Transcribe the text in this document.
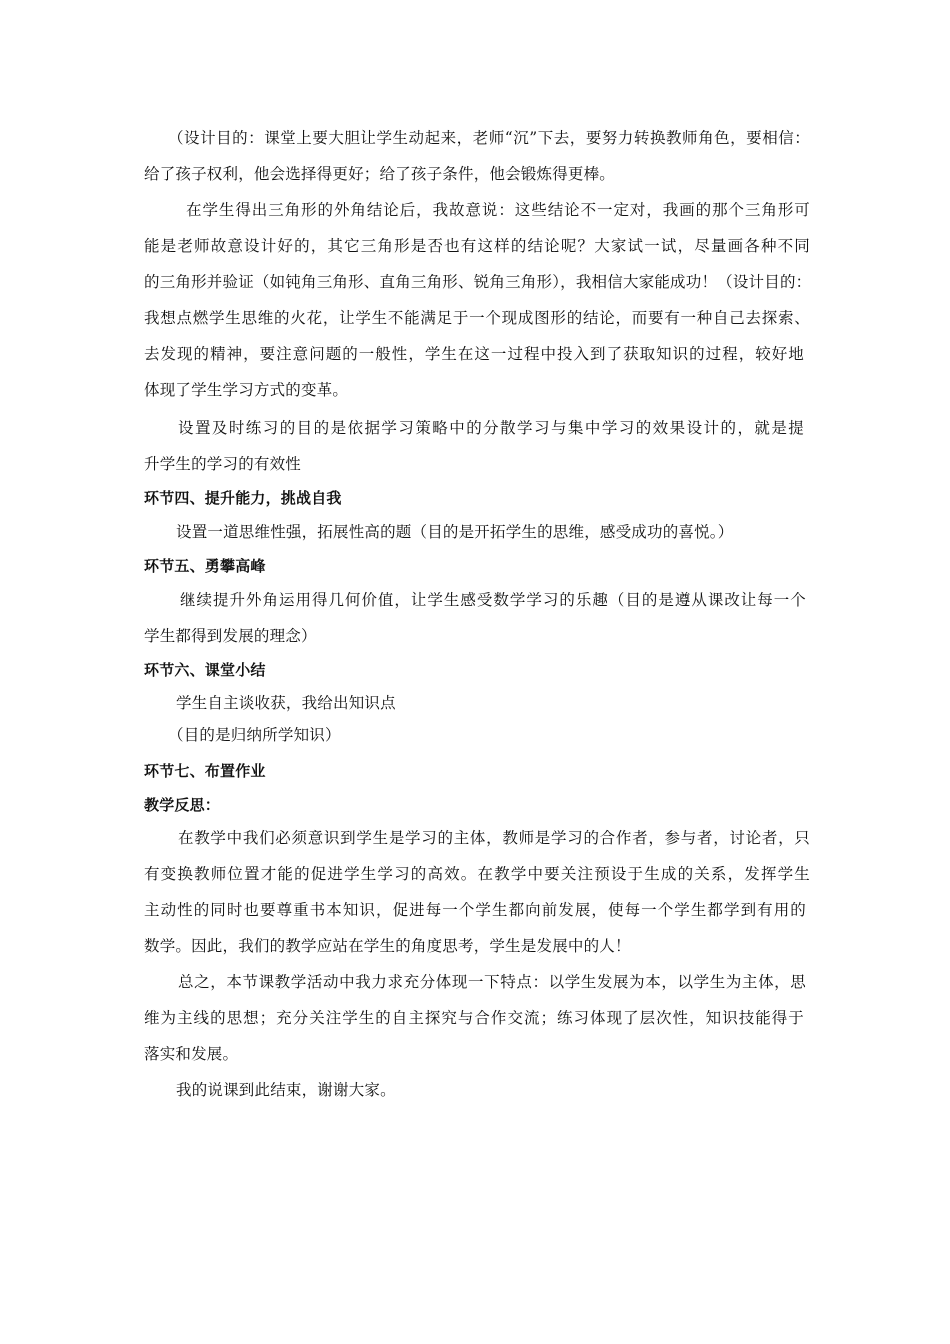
（设计目的：课堂上要大胆让学生动起来，老师“沉”下去，要努力转换教师角色，要相信：
给了孩子权利，他会选择得更好；给了孩子条件，他会锻炼得更棒。
在学生得出三角形的外角结论后，我故意说：这些结论不一定对，我画的那个三角形可
能是老师故意设计好的，其它三角形是否也有这样的结论呢？大家试一试，尽量画各种不同
的三角形并验证（如钝角三角形、直角三角形、锐角三角形），我相信大家能成功！（设计目的：
我想点燃学生思维的火花，让学生不能满足于一个现成图形的结论，而要有一种自己去探索、
去发现的精神，要注意问题的一般性，学生在这一过程中投入到了获取知识的过程，较好地
体现了学生学习方式的变革。
设置及时练习的目的是依据学习策略中的分散学习与集中学习的效果设计的，就是提
升学生的学习的有效性
环节四、提升能力，挑战自我
设置一道思维性强，拓展性高的题（目的是开拓学生的思维，感受成功的喜悦。）
环节五、勇攀高峰
继续提升外角运用得几何价值，让学生感受数学学习的乐趣（目的是遵从课改让每一个
学生都得到发展的理念）
环节六、课堂小结
学生自主谈收获，我给出知识点
（目的是归纳所学知识）
环节七、布置作业
教学反思：
在教学中我们必须意识到学生是学习的主体，教师是学习的合作者，参与者，讨论者，只
有变换教师位置才能的促进学生学习的高效。在教学中要关注预设于生成的关系，发挥学生
主动性的同时也要尊重书本知识，促进每一个学生都向前发展，使每一个学生都学到有用的
数学。因此，我们的教学应站在学生的角度思考，学生是发展中的人！
总之，本节课教学活动中我力求充分体现一下特点：以学生发展为本，以学生为主体，思
维为主线的思想；充分关注学生的自主探究与合作交流；练习体现了层次性，知识技能得于
落实和发展。
我的说课到此结束，谢谢大家。
